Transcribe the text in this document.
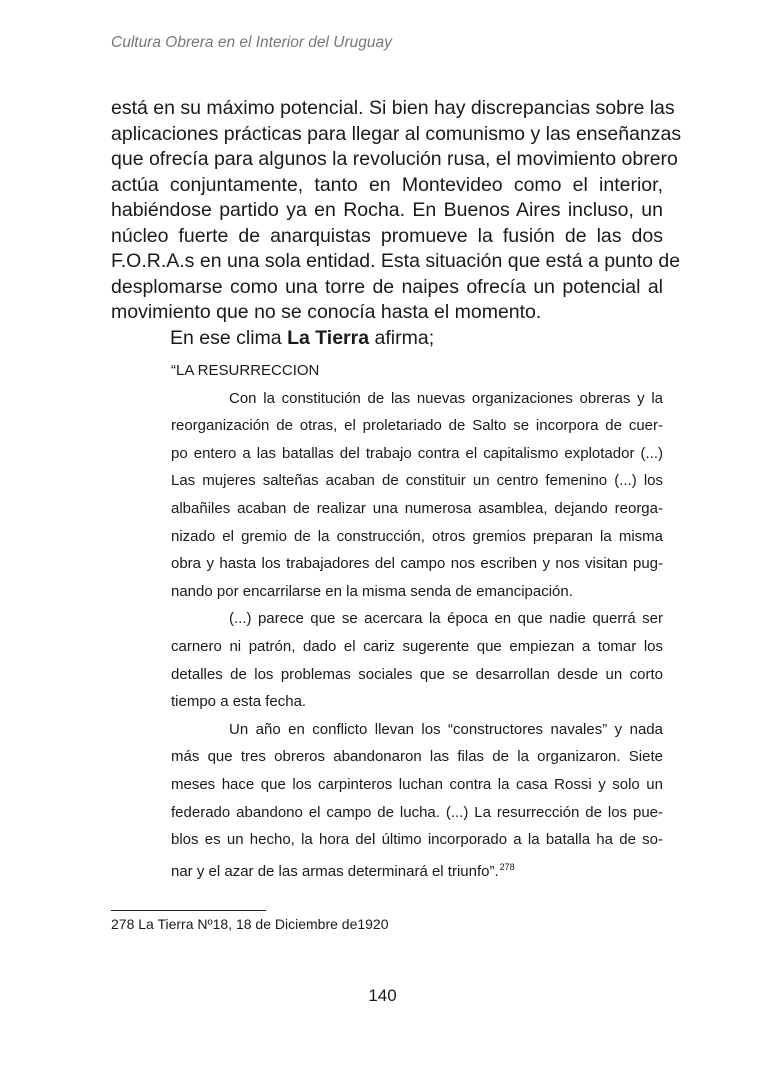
Cultura Obrera en el Interior del Uruguay
está en su máximo potencial. Si bien hay discrepancias sobre las
aplicaciones prácticas para llegar al comunismo y las enseñanzas
que ofrecía para algunos la revolución rusa, el movimiento obrero
actúa conjuntamente, tanto en Montevideo como el interior,
habiéndose partido ya en Rocha. En Buenos Aires incluso, un
núcleo fuerte de anarquistas promueve la fusión de las dos
F.O.R.A.s en una sola entidad. Esta situación que está a punto de
desplomarse como una torre de naipes ofrecía un potencial al
movimiento que no se conocía hasta el momento.
En ese clima La Tierra afirma;
“LA RESURRECCION
Con la constitución de las nuevas organizaciones obreras y la
reorganización de otras, el proletariado de Salto se incorpora de cuer-
po entero a las batallas del trabajo contra el capitalismo explotador (...)
Las mujeres salteñas acaban de constituir un centro femenino (...) los
albañiles acaban de realizar una numerosa asamblea, dejando reorga-
nizado el gremio de la construcción, otros gremios preparan la misma
obra y hasta los trabajadores del campo nos escriben y nos visitan pug-
nando por encarrilarse en la misma senda de emancipación.
(...) parece que se acercara la época en que nadie querrá ser
carnero ni patrón, dado el cariz sugerente que empiezan a tomar los
detalles de los problemas sociales que se desarrollan desde un corto
tiempo a esta fecha.
Un año en conflicto llevan los “constructores navales” y nada
más que tres obreros abandonaron las filas de la organizaron. Siete
meses hace que los carpinteros luchan contra la casa Rossi y solo un
federado abandono el campo de lucha. (...) La resurrección de los pue-
blos es un hecho, la hora del último incorporado a la batalla ha de so-
nar y el azar de las armas determinará el triunfo”.$^{278}$
278 La Tierra Nº18, 18 de Diciembre de1920
140
